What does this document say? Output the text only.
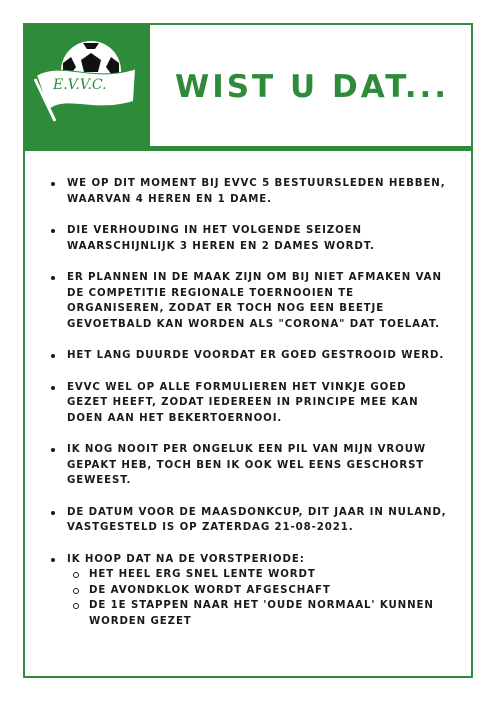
E.V.V.C. WIST U DAT...
WE OP DIT MOMENT BIJ EVVC 5 BESTUURSLEDEN HEBBEN, WAARVAN 4 HEREN EN 1 DAME.
DIE VERHOUDING IN HET VOLGENDE SEIZOEN WAARSCHIJNLIJK 3 HEREN EN 2 DAMES WORDT.
ER PLANNEN IN DE MAAK ZIJN OM BIJ NIET AFMAKEN VAN DE COMPETITIE REGIONALE TOERNOOIEN TE ORGANISEREN, ZODAT ER TOCH NOG EEN BEETJE GEVOETBALD KAN WORDEN ALS "CORONA" DAT TOELAAT.
HET LANG DUURDE VOORDAT ER GOED GESTROOID WERD.
EVVC WEL OP ALLE FORMULIEREN HET VINKJE GOED GEZET HEEFT, ZODAT IEDEREEN IN PRINCIPE MEE KAN DOEN AAN HET BEKERTOERNOOI.
IK NOG NOOIT PER ONGELUK EEN PIL VAN MIJN VROUW GEPAKT HEB, TOCH BEN IK OOK WEL EENS GESCHORST GEWEEST.
DE DATUM VOOR DE MAASDONKCUP, DIT JAAR IN NULAND, VASTGESTELD IS OP ZATERDAG 21-08-2021.
IK HOOP DAT NA DE VORSTPERIODE:
HET HEEL ERG SNEL LENTE WORDT
DE AVONDKLOK WORDT AFGESCHAFT
DE 1E STAPPEN NAAR HET 'OUDE NORMAAL' KUNNEN WORDEN GEZET
